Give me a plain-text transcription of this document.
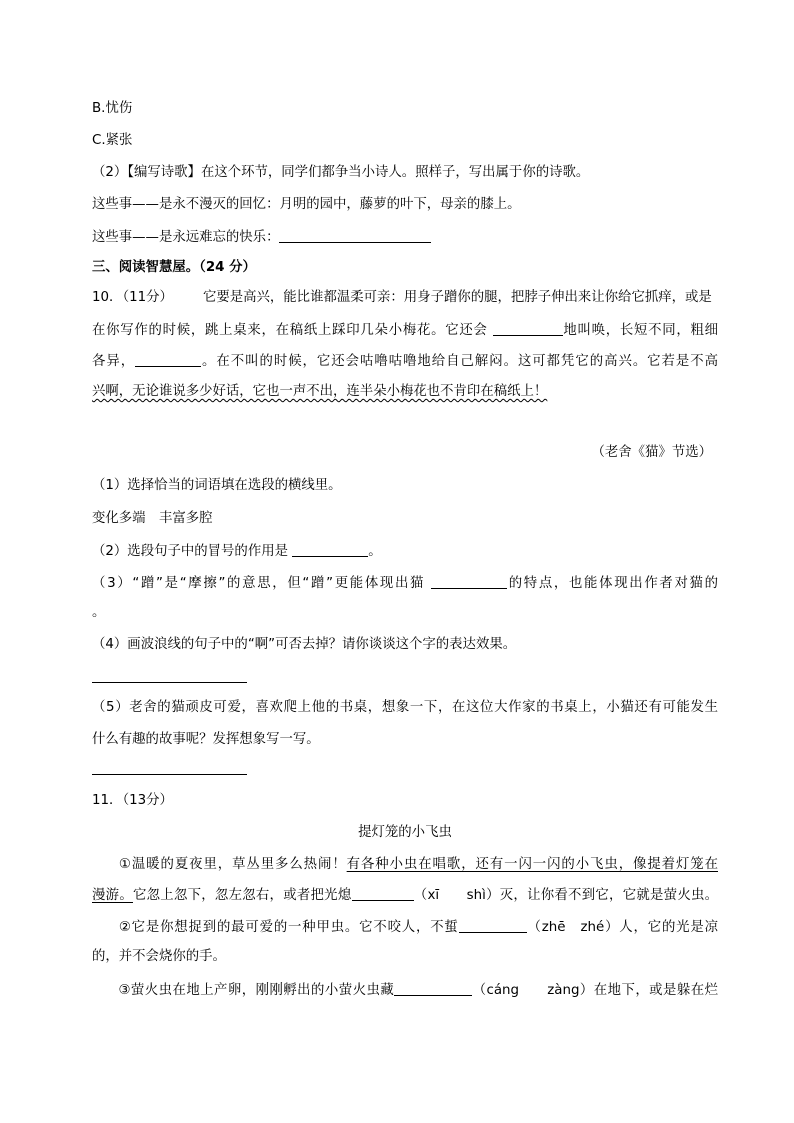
B.忧伤
C.紧张
（2）【编写诗歌】在这个环节，同学们都争当小诗人。照样子，写出属于你的诗歌。
这些事——是永不漫灭的回忆：月明的园中，藤萝的叶下，母亲的膝上。
这些事——是永远难忘的快乐：
三、阅读智慧屋。（24 分）
10．（11分） 它要是高兴，能比谁都温柔可亲：用身子蹭你的腿，把脖子伸出来让你给它抓痒，或是
在你写作的时候，跳上桌来，在稿纸上踩印几朵小梅花。它还会	地叫唤，长短不同，粗细
各异，	。在不叫的时候，它还会咕噜咕噜地给自己解闷。这可都凭它的高兴。它若是不高
兴啊，无论谁说多少好话，它也一声不出，连半朵小梅花也不肯印在稿纸上！
（老舍《猫》节选）
（1）选择恰当的词语填在选段的横线里。
变化多端　丰富多腔
（2）选段句子中的冒号的作用是	。
（3）“蹭”是“摩擦”的意思，但“蹭”更能体现出猫	的特点，也能体现出作者对猫的
。
（4）画波浪线的句子中的“啊”可否去掉？请你谈谈这个字的表达效果。
（5）老舍的猫顽皮可爱，喜欢爬上他的书桌，想象一下，在这位大作家的书桌上，小猫还有可能发生
什么有趣的故事呢？发挥想象写一写。
11．（13分）
提灯笼的小飞虫
①温暖的夏夜里，草丛里多么热闹！有各种小虫在唱歌，还有一闪一闪的小飞虫，像提着灯笼在
漫游。它忽上忽下，忽左忽右，或者把光熄	（xī　　shì）灭，让你看不到它，它就是萤火虫。
②它是你想捉到的最可爱的一种甲虫。它不咬人，不蜇	（zhē　zhé）人，它的光是凉
的，并不会烧你的手。
③萤火虫在地上产卵，刚刚孵出的小萤火虫藏	（cáng　　zàng）在地下，或是躲在烂
